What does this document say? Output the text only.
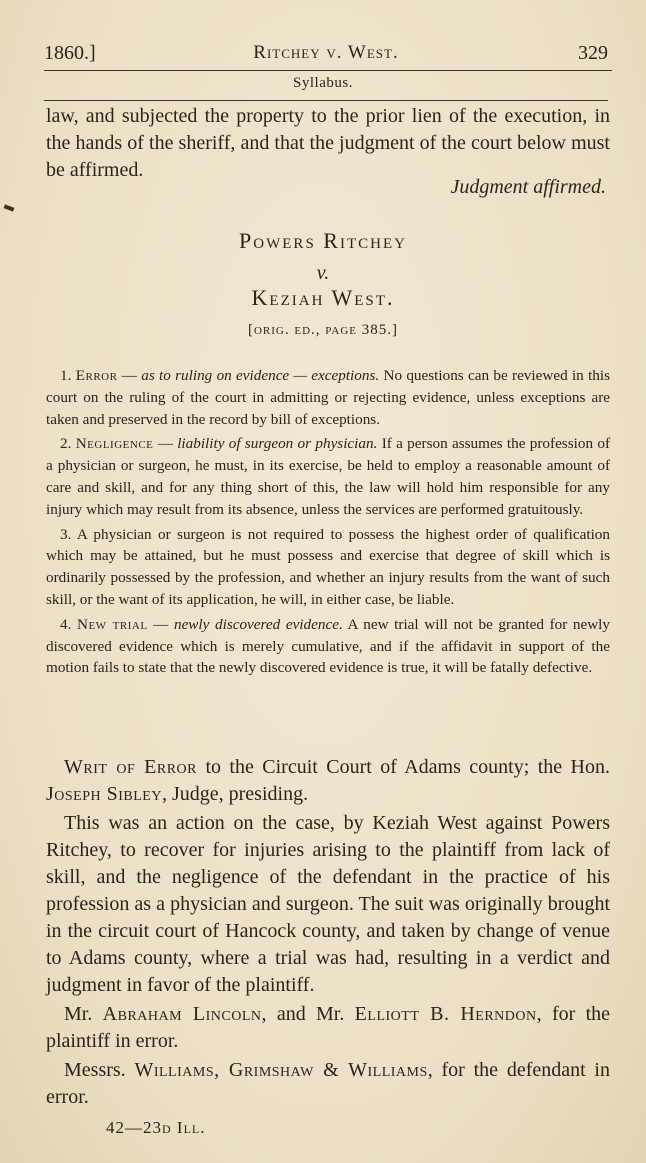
1860.]	Ritchey v. West.	329
Syllabus.
law, and subjected the property to the prior lien of the execution, in the hands of the sheriff, and that the judgment of the court below must be affirmed.
Judgment affirmed.
Powers Ritchey
v.
Keziah West.
[orig. ed., page 385.]

1. Error — as to ruling on evidence — exceptions. No questions can be reviewed in this court on the ruling of the court in admitting or rejecting evidence, unless exceptions are taken and preserved in the record by bill of exceptions.

2. Negligence — liability of surgeon or physician. If a person assumes the profession of a physician or surgeon, he must, in its exercise, be held to employ a reasonable amount of care and skill, and for any thing short of this, the law will hold him responsible for any injury which may result from its absence, unless the services are performed gratuitously.

3. A physician or surgeon is not required to possess the highest order of qualification which may be attained, but he must possess and exercise that degree of skill which is ordinarily possessed by the profession, and whether an injury results from the want of such skill, or the want of its application, he will, in either case, be liable.

4. New trial — newly discovered evidence. A new trial will not be granted for newly discovered evidence which is merely cumulative, and if the affidavit in support of the motion fails to state that the newly discovered evidence is true, it will be fatally defective.

Writ of Error to the Circuit Court of Adams county; the Hon. Joseph Sibley, Judge, presiding.

This was an action on the case, by Keziah West against Powers Ritchey, to recover for injuries arising to the plaintiff from lack of skill, and the negligence of the defendant in the practice of his profession as a physician and surgeon. The suit was originally brought in the circuit court of Hancock county, and taken by change of venue to Adams county, where a trial was had, resulting in a verdict and judgment in favor of the plaintiff.

Mr. Abraham Lincoln, and Mr. Elliott B. Herndon, for the plaintiff in error.

Messrs. Williams, Grimshaw & Williams, for the defendant in error.

42—23d Ill.
